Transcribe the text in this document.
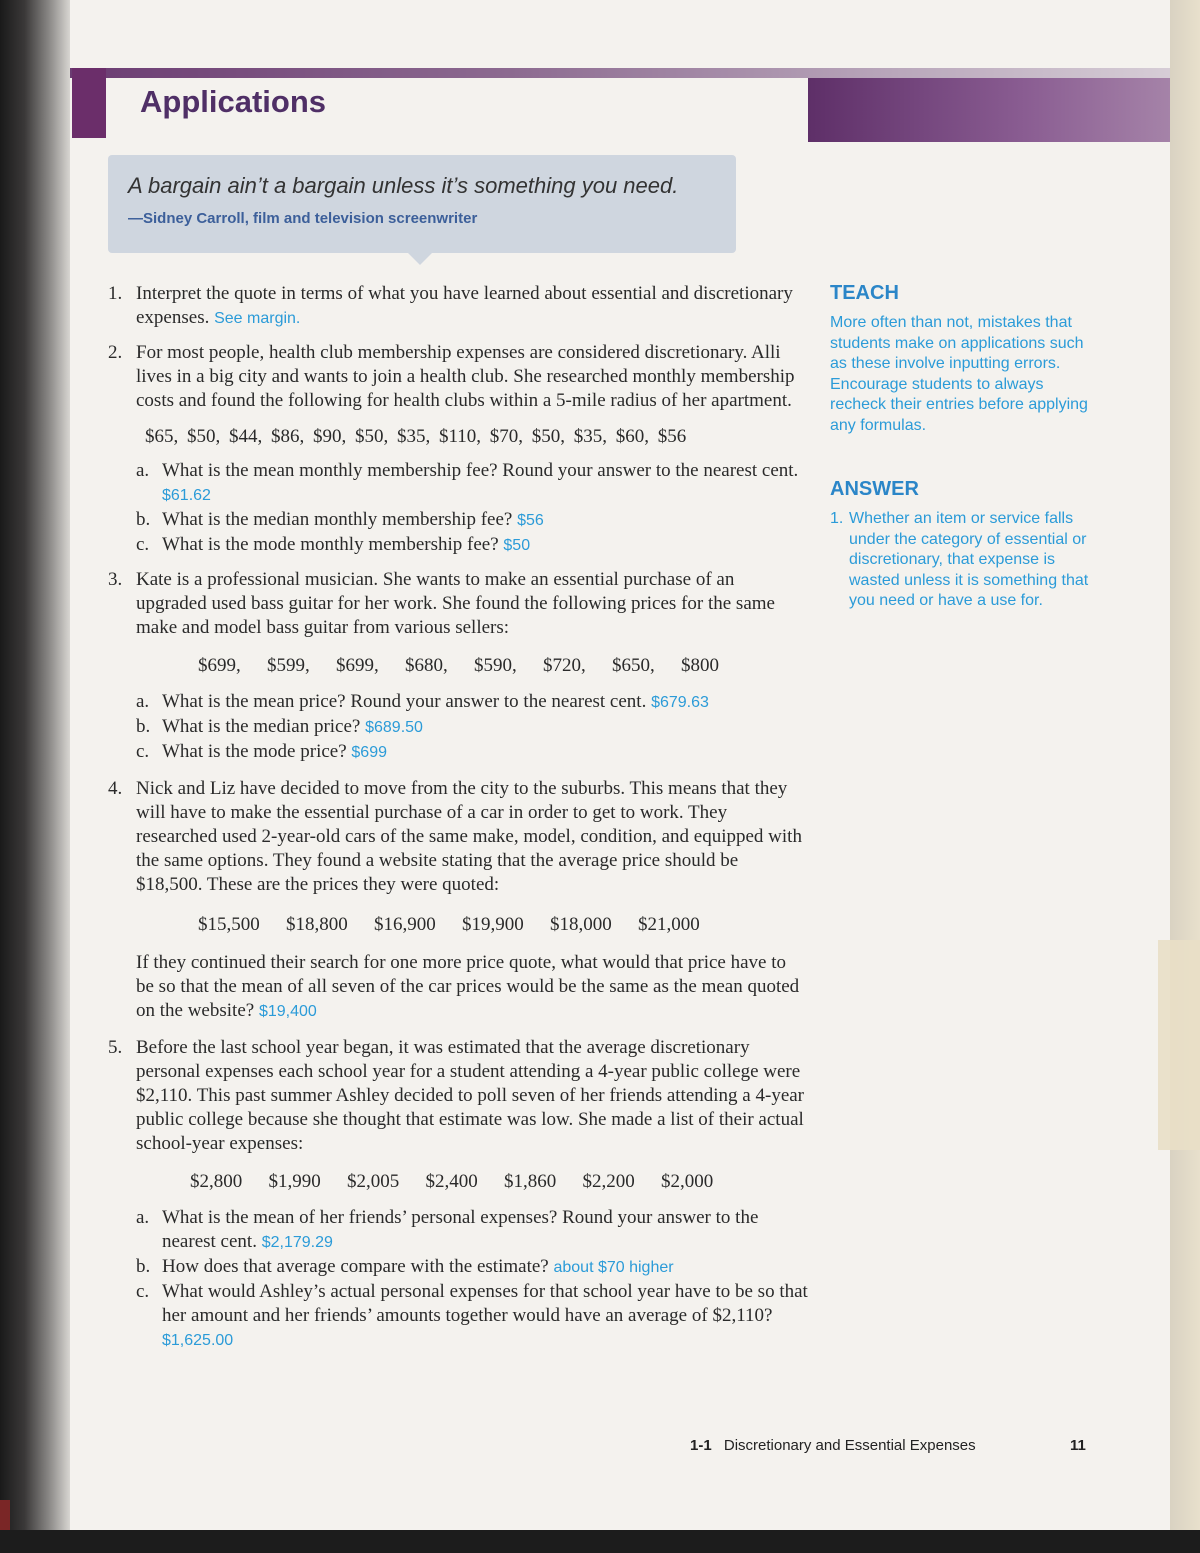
Applications
A bargain ain’t a bargain unless it’s something you need.
—Sidney Carroll, film and television screenwriter
1. Interpret the quote in terms of what you have learned about essential and discretionary expenses. See margin.
2. For most people, health club membership expenses are considered discretionary. Alli lives in a big city and wants to join a health club. She researched monthly membership costs and found the following for health clubs within a 5-mile radius of her apartment.
$65, $50, $44, $86, $90, $50, $35, $110, $70, $50, $35, $60, $56
a. What is the mean monthly membership fee? Round your answer to the nearest cent. $61.62
b. What is the median monthly membership fee? $56
c. What is the mode monthly membership fee? $50
3. Kate is a professional musician. She wants to make an essential purchase of an upgraded used bass guitar for her work. She found the following prices for the same make and model bass guitar from various sellers:
$699,   $599,   $699,   $680,   $590,   $720,   $650,   $800
a. What is the mean price? Round your answer to the nearest cent. $679.63
b. What is the median price? $689.50
c. What is the mode price? $699
4. Nick and Liz have decided to move from the city to the suburbs. This means that they will have to make the essential purchase of a car in order to get to work. They researched used 2-year-old cars of the same make, model, condition, and equipped with the same options. They found a website stating that the average price should be $18,500. These are the prices they were quoted:
$15,500   $18,800   $16,900   $19,900   $18,000   $21,000
If they continued their search for one more price quote, what would that price have to be so that the mean of all seven of the car prices would be the same as the mean quoted on the website? $19,400
5. Before the last school year began, it was estimated that the average discretionary personal expenses each school year for a student attending a 4-year public college were $2,110. This past summer Ashley decided to poll seven of her friends attending a 4-year public college because she thought that estimate was low. She made a list of their actual school-year expenses:
$2,800   $1,990   $2,005   $2,400   $1,860   $2,200   $2,000
a. What is the mean of her friends’ personal expenses? Round your answer to the nearest cent. $2,179.29
b. How does that average compare with the estimate? about $70 higher
c. What would Ashley’s actual personal expenses for that school year have to be so that her amount and her friends’ amounts together would have an average of $2,110? $1,625.00
TEACH
More often than not, mistakes that students make on applications such as these involve inputting errors. Encourage students to always recheck their entries before applying any formulas.
ANSWER
1. Whether an item or service falls under the category of essential or discretionary, that expense is wasted unless it is something that you need or have a use for.
1-1 Discretionary and Essential Expenses	11
